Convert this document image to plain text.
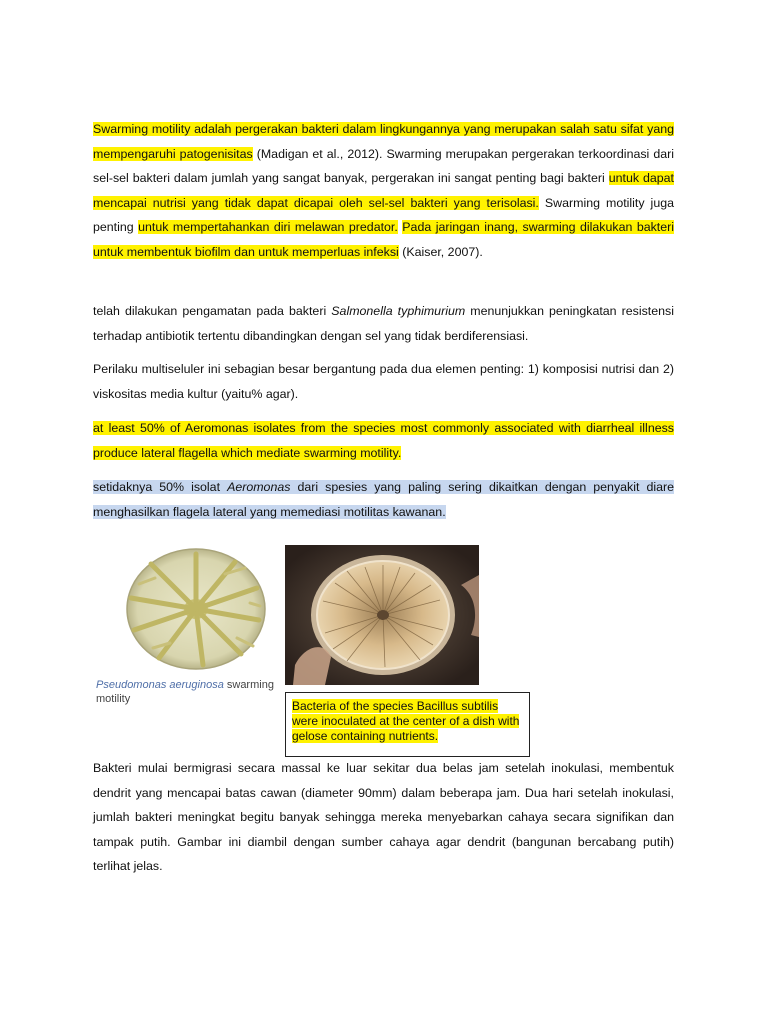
Swarming motility adalah pergerakan bakteri dalam lingkungannya yang merupakan salah satu sifat yang mempengaruhi patogenisitas (Madigan et al., 2012). Swarming merupakan pergerakan terkoordinasi dari sel-sel bakteri dalam jumlah yang sangat banyak, pergerakan ini sangat penting bagi bakteri untuk dapat mencapai nutrisi yang tidak dapat dicapai oleh sel-sel bakteri yang terisolasi. Swarming motility juga penting untuk mempertahankan diri melawan predator. Pada jaringan inang, swarming dilakukan bakteri untuk membentuk biofilm dan untuk memperluas infeksi (Kaiser, 2007).

telah dilakukan pengamatan pada bakteri Salmonella typhimurium menunjukkan peningkatan resistensi terhadap antibiotik tertentu dibandingkan dengan sel yang tidak berdiferensiasi.

Perilaku multiseluler ini sebagian besar bergantung pada dua elemen penting: 1) komposisi nutrisi dan 2) viskositas media kultur (yaitu% agar).

at least 50% of Aeromonas isolates from the species most commonly associated with diarrheal illness produce lateral flagella which mediate swarming motility.

setidaknya 50% isolat Aeromonas dari spesies yang paling sering dikaitkan dengan penyakit diare menghasilkan flagela lateral yang memediasi motilitas kawanan.

Pseudomonas aeruginosa swarming motility	Bacteria of the species Bacillus subtilis were inoculated at the center of a dish with gelose containing nutrients.

Bakteri mulai bermigrasi secara massal ke luar sekitar dua belas jam setelah inokulasi, membentuk dendrit yang mencapai batas cawan (diameter 90mm) dalam beberapa jam. Dua hari setelah inokulasi, jumlah bakteri meningkat begitu banyak sehingga mereka menyebarkan cahaya secara signifikan dan tampak putih. Gambar ini diambil dengan sumber cahaya agar dendrit (bangunan bercabang putih) terlihat jelas.
